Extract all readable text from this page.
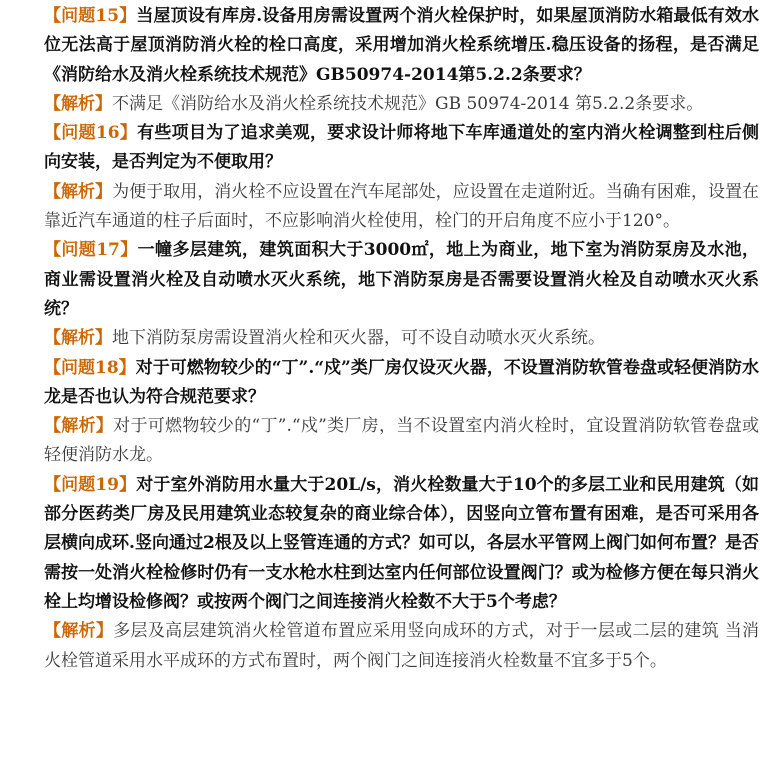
【问题15】当屋顶设有库房.设备用房需设置两个消火栓保护时，如果屋顶消防水箱最低有效水位无法高于屋顶消防消火栓的栓口高度，采用增加消火栓系统增压.稳压设备的扬程，是否满足《消防给水及消火栓系统技术规范》GB50974-2014第5.2.2条要求？

【解析】不满足《消防给水及消火栓系统技术规范》GB 50974-2014 第5.2.2条要求。

【问题16】有些项目为了追求美观，要求设计师将地下车库通道处的室内消火栓调整到柱后侧向安装，是否判定为不便取用？

【解析】为便于取用，消火栓不应设置在汽车尾部处，应设置在走道附近。当确有困难，设置在靠近汽车通道的柱子后面时，不应影响消火栓使用，栓门的开启角度不应小于120°。

【问题17】一幢多层建筑，建筑面积大于3000㎡，地上为商业，地下室为消防泵房及水池，商业需设置消火栓及自动喷水灭火系统，地下消防泵房是否需要设置消火栓及自动喷水灭火系统？

【解析】地下消防泵房需设置消火栓和灭火器，可不设自动喷水灭火系统。

【问题18】对于可燃物较少的“丁”.“戍”类厂房仅设灭火器，不设置消防软管卷盘或轻便消防水龙是否也认为符合规范要求？

【解析】对于可燃物较少的“丁”.“戍”类厂房，当不设置室内消火栓时，宜设置消防软管卷盘或轻便消防水龙。

【问题19】对于室外消防用水量大于20L/s，消火栓数量大于10个的多层工业和民用建筑（如部分医药类厂房及民用建筑业态较复杂的商业综合体），因竖向立管布置有困难，是否可采用各层横向成环.竖向通过2根及以上竖管连通的方式？如可以，各层水平管网上阀门如何布置？是否需按一处消火栓检修时仍有一支水枪水柱到达室内任何部位设置阀门？或为检修方便在每只消火栓上均增设检修阀？或按两个阀门之间连接消火栓数不大于5个考虑？

【解析】多层及高层建筑消火栓管道布置应采用竖向成环的方式，对于一层或二层的建筑 当消火栓管道采用水平成环的方式布置时，两个阀门之间连接消火栓数量不宜多于5个。
